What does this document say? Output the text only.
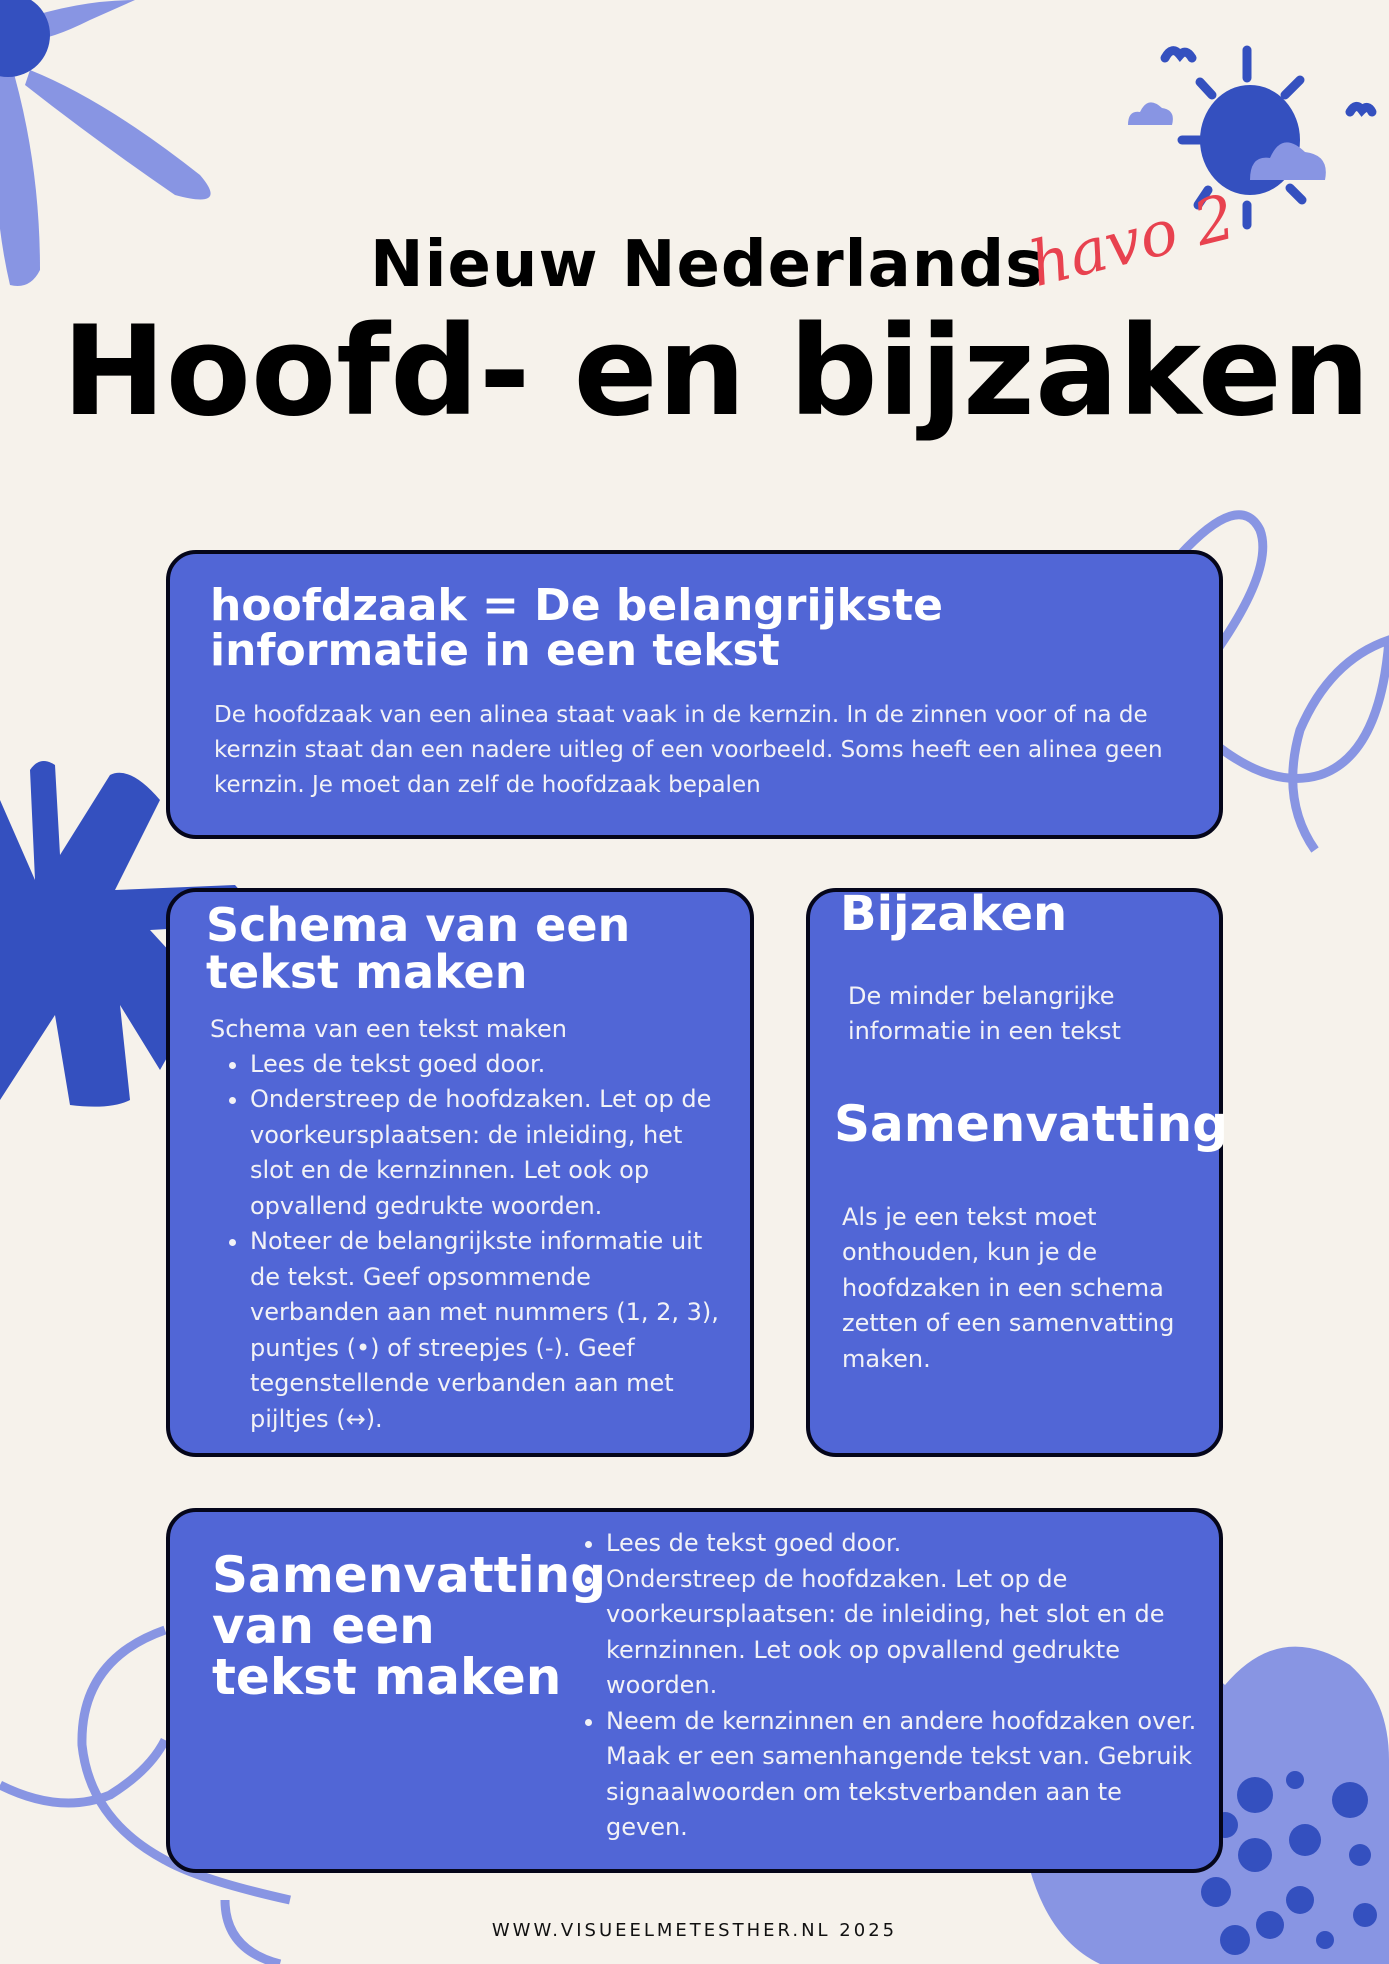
Nieuw Nederlands
havo 2
Hoofd- en bijzaken
hoofdzaak = De belangrijkste informatie in een tekst

De hoofdzaak van een alinea staat vaak in de kernzin. In de zinnen voor of na de kernzin staat dan een nadere uitleg of een voorbeeld. Soms heeft een alinea geen kernzin. Je moet dan zelf de hoofdzaak bepalen

Schema van een tekst maken

Schema van een tekst maken

• Lees de tekst goed door.
• Onderstreep de hoofdzaken. Let op de voorkeursplaatsen: de inleiding, het slot en de kernzinnen. Let ook op opvallend gedrukte woorden.
• Noteer de belangrijkste informatie uit de tekst. Geef opsommende verbanden aan met nummers (1, 2, 3), puntjes (•) of streepjes (-). Geef tegenstellende verbanden aan met pijltjes (↔).
Bijzaken

De minder belangrijke informatie in een tekst

Samenvatting

Als je een tekst moet onthouden, kun je de hoofdzaken in een schema zetten of een samenvatting maken.

Samenvatting van een tekst maken
• Lees de tekst goed door.
• Onderstreep de hoofdzaken. Let op de voorkeursplaatsen: de inleiding, het slot en de kernzinnen. Let ook op opvallend gedrukte woorden.
• Neem de kernzinnen en andere hoofdzaken over. Maak er een samenhangende tekst van. Gebruik signaalwoorden om tekstverbanden aan te geven.
WWW.VISUEELMETESTHER.NL 2025
